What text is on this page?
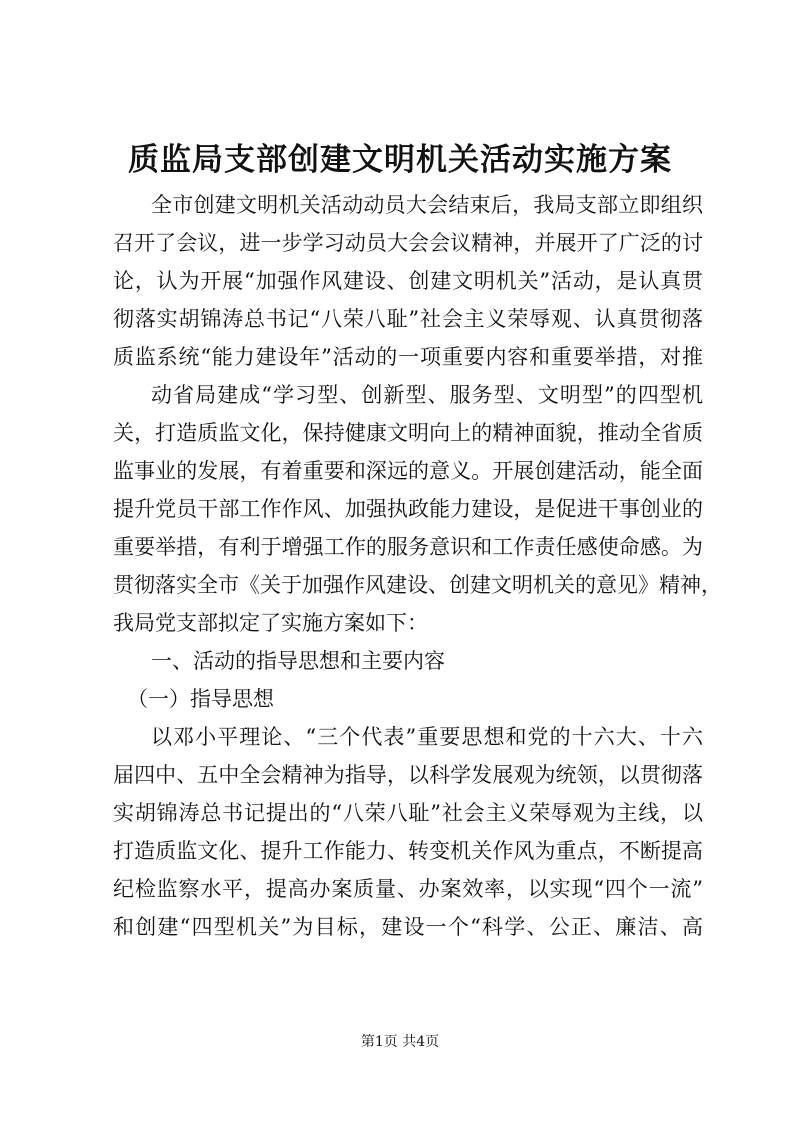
质监局支部创建文明机关活动实施方案
全市创建文明机关活动动员大会结束后，我局支部立即组织
召开了会议，进一步学习动员大会会议精神，并展开了广泛的讨
论，认为开展“加强作风建设、创建文明机关”活动，是认真贯
彻落实胡锦涛总书记“八荣八耻”社会主义荣辱观、认真贯彻落
质监系统“能力建设年”活动的一项重要内容和重要举措，对推
动省局建成“学习型、创新型、服务型、文明型”的四型机
关，打造质监文化，保持健康文明向上的精神面貌，推动全省质
监事业的发展，有着重要和深远的意义。开展创建活动，能全面
提升党员干部工作作风、加强执政能力建设，是促进干事创业的
重要举措，有利于增强工作的服务意识和工作责任感使命感。为
贯彻落实全市《关于加强作风建设、创建文明机关的意见》精神，
我局党支部拟定了实施方案如下：
一、活动的指导思想和主要内容
（一）指导思想
以邓小平理论、“三个代表”重要思想和党的十六大、十六
届四中、五中全会精神为指导，以科学发展观为统领，以贯彻落
实胡锦涛总书记提出的“八荣八耻”社会主义荣辱观为主线，以
打造质监文化、提升工作能力、转变机关作风为重点，不断提高
纪检监察水平，提高办案质量、办案效率，以实现“四个一流”
和创建“四型机关”为目标，建设一个“科学、公正、廉洁、高
第1页 共4页
